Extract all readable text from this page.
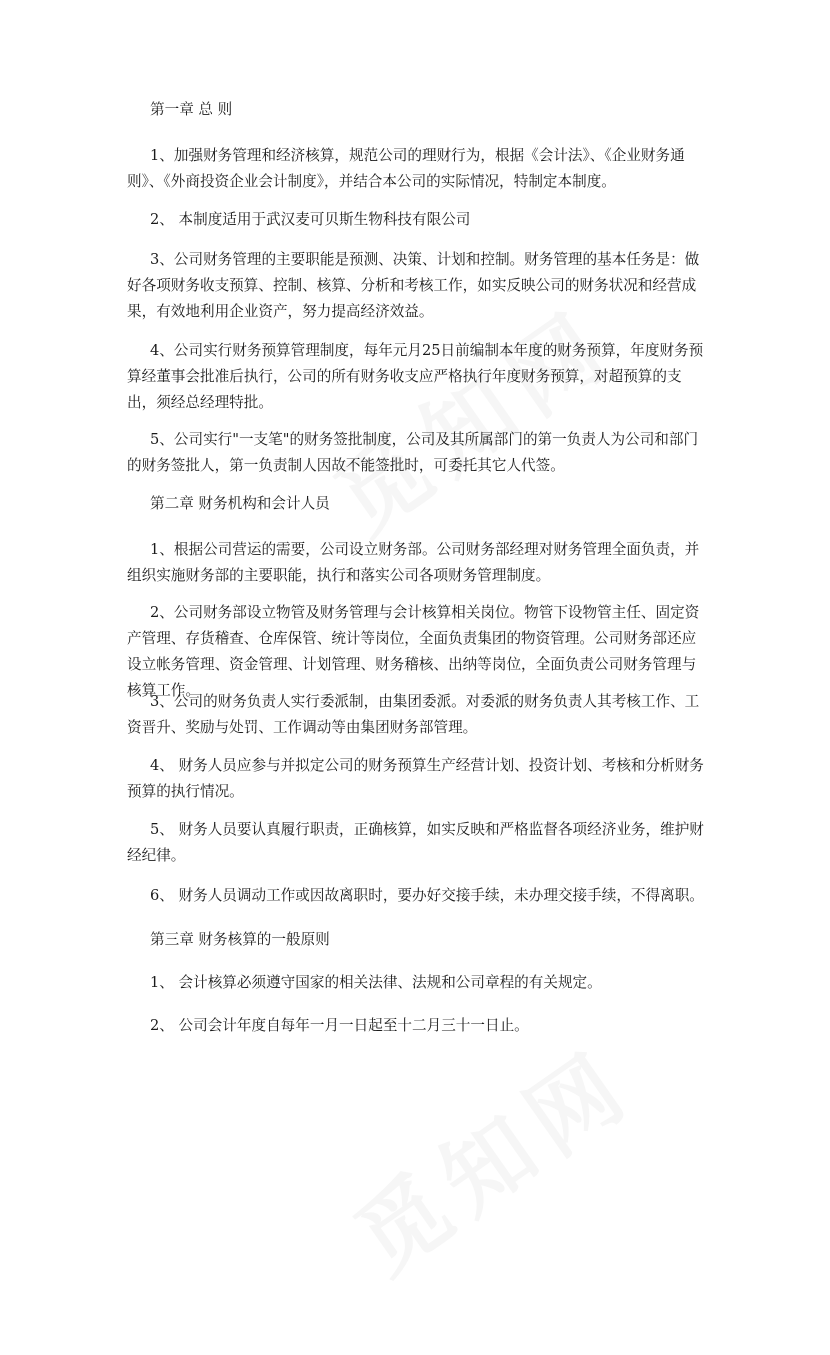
第一章 总 则

1、加强财务管理和经济核算，规范公司的理财行为，根据《会计法》、《企业财务通则》、《外商投资企业会计制度》，并结合本公司的实际情况，特制定本制度。

2、 本制度适用于武汉麦可贝斯生物科技有限公司

3、公司财务管理的主要职能是预测、决策、计划和控制。财务管理的基本任务是：做好各项财务收支预算、控制、核算、分析和考核工作，如实反映公司的财务状况和经营成果，有效地利用企业资产，努力提高经济效益。

4、公司实行财务预算管理制度，每年元月25日前编制本年度的财务预算，年度财务预算经董事会批准后执行，公司的所有财务收支应严格执行年度财务预算，对超预算的支出，须经总经理特批。

5、公司实行"一支笔"的财务签批制度，公司及其所属部门的第一负责人为公司和部门的财务签批人，第一负责制人因故不能签批时，可委托其它人代签。

第二章 财务机构和会计人员

1、根据公司营运的需要，公司设立财务部。公司财务部经理对财务管理全面负责，并组织实施财务部的主要职能，执行和落实公司各项财务管理制度。

2、公司财务部设立物管及财务管理与会计核算相关岗位。物管下设物管主任、固定资产管理、存货稽查、仓库保管、统计等岗位，全面负责集团的物资管理。公司财务部还应设立帐务管理、资金管理、计划管理、财务稽核、出纳等岗位，全面负责公司财务管理与核算工作。

3、公司的财务负责人实行委派制，由集团委派。对委派的财务负责人其考核工作、工资晋升、奖励与处罚、工作调动等由集团财务部管理。

4、 财务人员应参与并拟定公司的财务预算生产经营计划、投资计划、考核和分析财务预算的执行情况。

5、 财务人员要认真履行职责，正确核算，如实反映和严格监督各项经济业务，维护财经纪律。

6、 财务人员调动工作或因故离职时，要办好交接手续，未办理交接手续，不得离职。

第三章 财务核算的一般原则

1、 会计核算必须遵守国家的相关法律、法规和公司章程的有关规定。

2、 公司会计年度自每年一月一日起至十二月三十一日止。
